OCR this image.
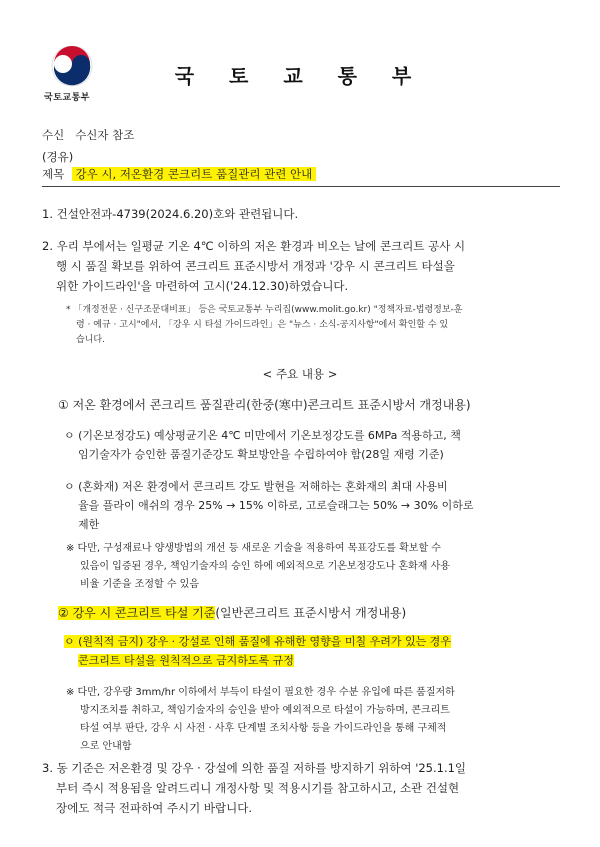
국토교통부
국 토 교 통 부
수신 수신자 참조
(경유)
제목 강우 시, 저온환경 콘크리트 품질관리 관련 안내
1. 건설안전과-4739(2024.6.20)호와 관련됩니다.
2. 우리 부에서는 일평균 기온 4℃ 이하의 저온 환경과 비오는 날에 콘크리트 공사 시
행 시 품질 확보를 위하여 콘크리트 표준시방서 개정과 '강우 시 콘크리트 타설을
위한 가이드라인'을 마련하여 고시('24.12.30)하였습니다.
* 「개정전문 · 신구조문대비표」 등은 국토교통부 누리집(www.molit.go.kr) "정책자료-법령정보-훈
령 · 예규 · 고시"에서, 「강우 시 타설 가이드라인」은 "뉴스 · 소식-공지사항"에서 확인할 수 있
습니다.
< 주요 내용 >
① 저온 환경에서 콘크리트 품질관리(한중(寒中)콘크리트 표준시방서 개정내용)
ㅇ (기온보정강도) 예상평균기온 4℃ 미만에서 기온보정강도를 6MPa 적용하고, 책
임기술자가 승인한 품질기준강도 확보방안을 수립하여야 함(28일 재령 기준)
ㅇ (혼화재) 저온 환경에서 콘크리트 강도 발현을 저해하는 혼화재의 최대 사용비
율을 플라이 애쉬의 경우 25% → 15% 이하로, 고로슬래그는 50% → 30% 이하로
제한
※ 다만, 구성재료나 양생방법의 개선 등 새로운 기술을 적용하여 목표강도를 확보할 수
있음이 입증된 경우, 책임기술자의 승인 하에 예외적으로 기온보정강도나 혼화재 사용
비율 기준을 조정할 수 있음
② 강우 시 콘크리트 타설 기준(일반콘크리트 표준시방서 개정내용)
ㅇ (원칙적 금지) 강우 · 강설로 인해 품질에 유해한 영향을 미칠 우려가 있는 경우
콘크리트 타설을 원칙적으로 금지하도록 규정
※ 다만, 강우량 3mm/hr 이하에서 부득이 타설이 필요한 경우 수분 유입에 따른 품질저하
방지조치를 취하고, 책임기술자의 승인을 받아 예외적으로 타설이 가능하며, 콘크리트
타설 여부 판단, 강우 시 사전 · 사후 단계별 조치사항 등을 가이드라인을 통해 구체적
으로 안내함
3. 동 기준은 저온환경 및 강우 · 강설에 의한 품질 저하를 방지하기 위하여 '25.1.1일
부터 즉시 적용됨을 알려드리니 개정사항 및 적용시기를 참고하시고, 소관 건설현
장에도 적극 전파하여 주시기 바랍니다.
